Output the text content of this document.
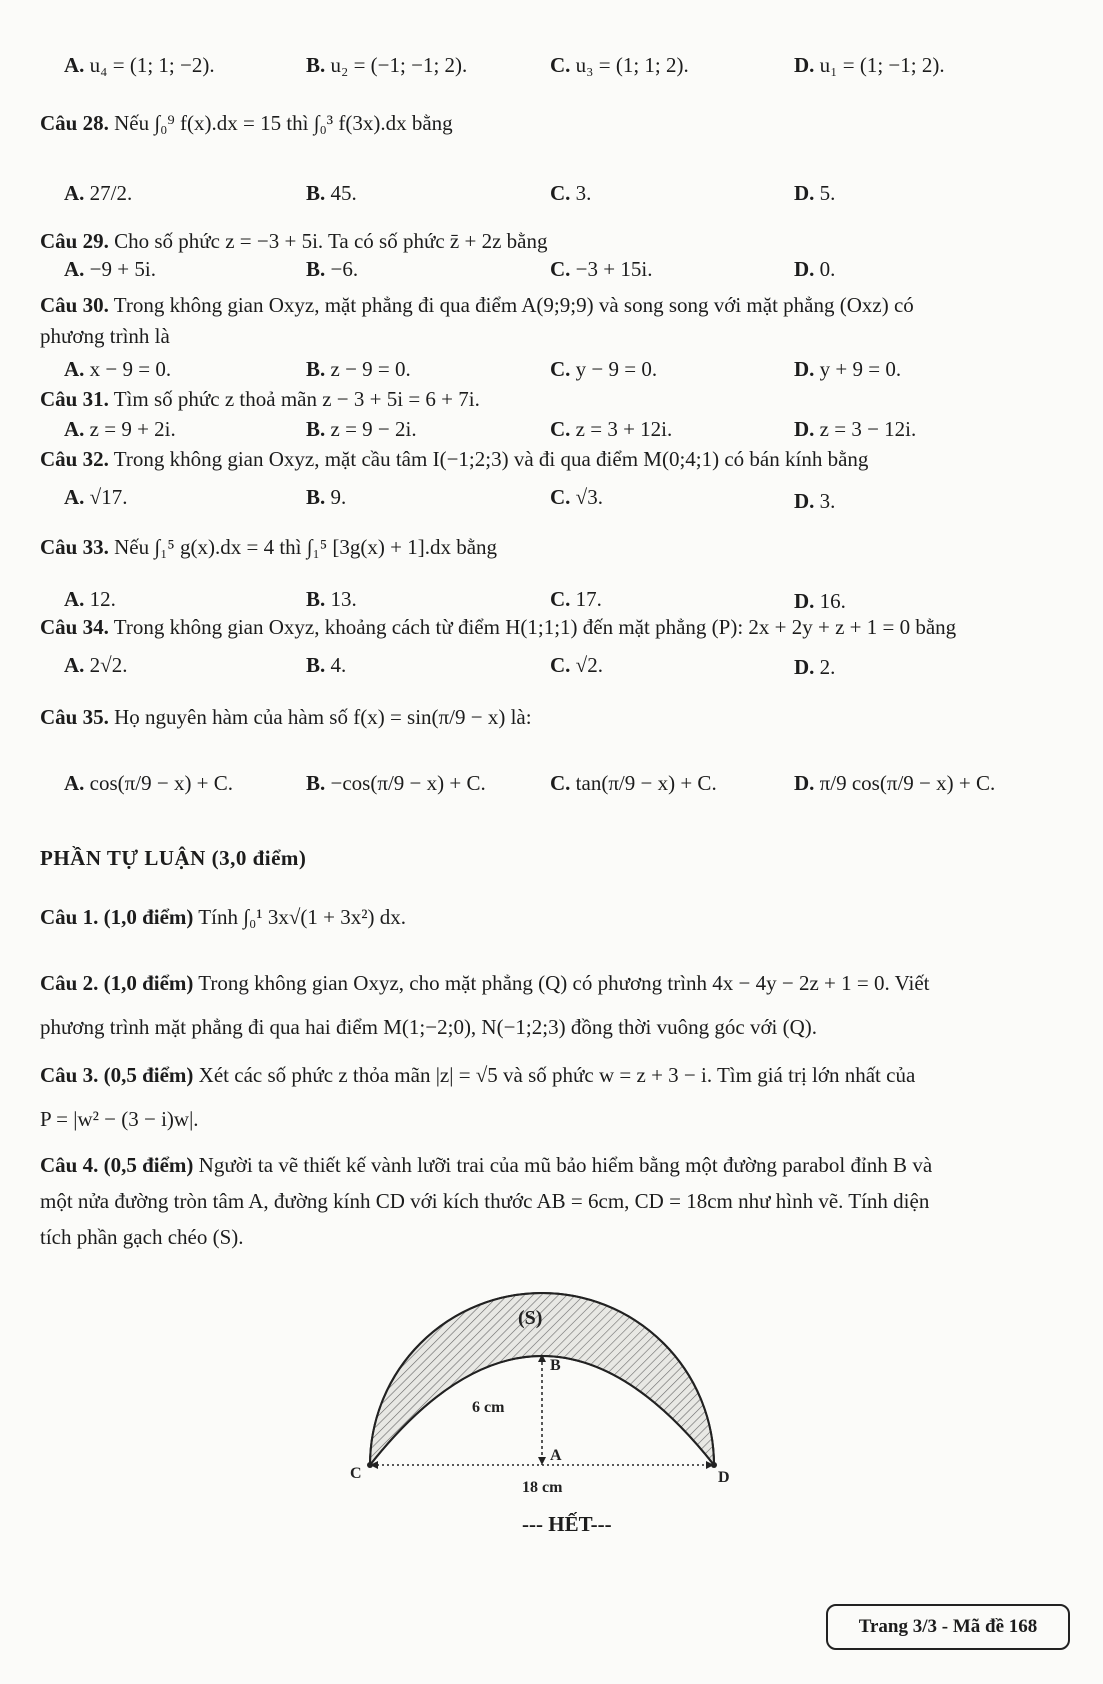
A. u₄ = (1; 1; −2).	B. u₂ = (−1; −1; 2).	C. u₃ = (1; 1; 2).	D. u₁ = (1; −1; 2).
Câu 28. Nếu ∫₀⁹ f(x).dx = 15 thì ∫₀³ f(3x).dx bằng
A. 27/2.	B. 45.	C. 3.	D. 5.
Câu 29. Cho số phức z = −3 + 5i. Ta có số phức z̄ + 2z bằng
A. −9 + 5i.	B. −6.	C. −3 + 15i.	D. 0.
Câu 30. Trong không gian Oxyz, mặt phẳng đi qua điểm A(9;9;9) và song song với mặt phẳng (Oxz) có
phương trình là
A. x − 9 = 0.	B. z − 9 = 0.	C. y − 9 = 0.	D. y + 9 = 0.
Câu 31. Tìm số phức z thoả mãn z − 3 + 5i = 6 + 7i.
A. z = 9 + 2i.	B. z = 9 − 2i.	C. z = 3 + 12i.	D. z = 3 − 12i.
Câu 32. Trong không gian Oxyz, mặt cầu tâm I(−1;2;3) và đi qua điểm M(0;4;1) có bán kính bằng
A. √17.	B. 9.	C. √3.	D. 3.
Câu 33. Nếu ∫₁⁵ g(x).dx = 4 thì ∫₁⁵ [3g(x) + 1].dx bằng
A. 12.	B. 13.	C. 17.	D. 16.
Câu 34. Trong không gian Oxyz, khoảng cách từ điểm H(1;1;1) đến mặt phẳng (P): 2x + 2y + z + 1 = 0 bằng
A. 2√2.	B. 4.	C. √2.	D. 2.
Câu 35. Họ nguyên hàm của hàm số f(x) = sin(π/9 − x) là:
A. cos(π/9 − x) + C.	B. −cos(π/9 − x) + C.	C. tan(π/9 − x) + C.	D. π/9 cos(π/9 − x) + C.
PHẦN TỰ LUẬN (3,0 điểm)
Câu 1. (1,0 điểm) Tính ∫₀¹ 3x√(1 + 3x²) dx.
Câu 2. (1,0 điểm) Trong không gian Oxyz, cho mặt phẳng (Q) có phương trình 4x − 4y − 2z + 1 = 0. Viết
phương trình mặt phẳng đi qua hai điểm M(1;−2;0), N(−1;2;3) đồng thời vuông góc với (Q).
Câu 3. (0,5 điểm) Xét các số phức z thỏa mãn |z| = √5 và số phức w = z + 3 − i. Tìm giá trị lớn nhất của
P = |w² − (3 − i)w|.
Câu 4. (0,5 điểm) Người ta vẽ thiết kế vành lưỡi trai của mũ bảo hiểm bằng một đường parabol đỉnh B và
một nửa đường tròn tâm A, đường kính CD với kích thước AB = 6cm, CD = 18cm như hình vẽ. Tính diện
tích phần gạch chéo (S).
(S)
B
A
C	D
6 cm
18 cm
--- HẾT---
Trang 3/3 - Mã đề 168
